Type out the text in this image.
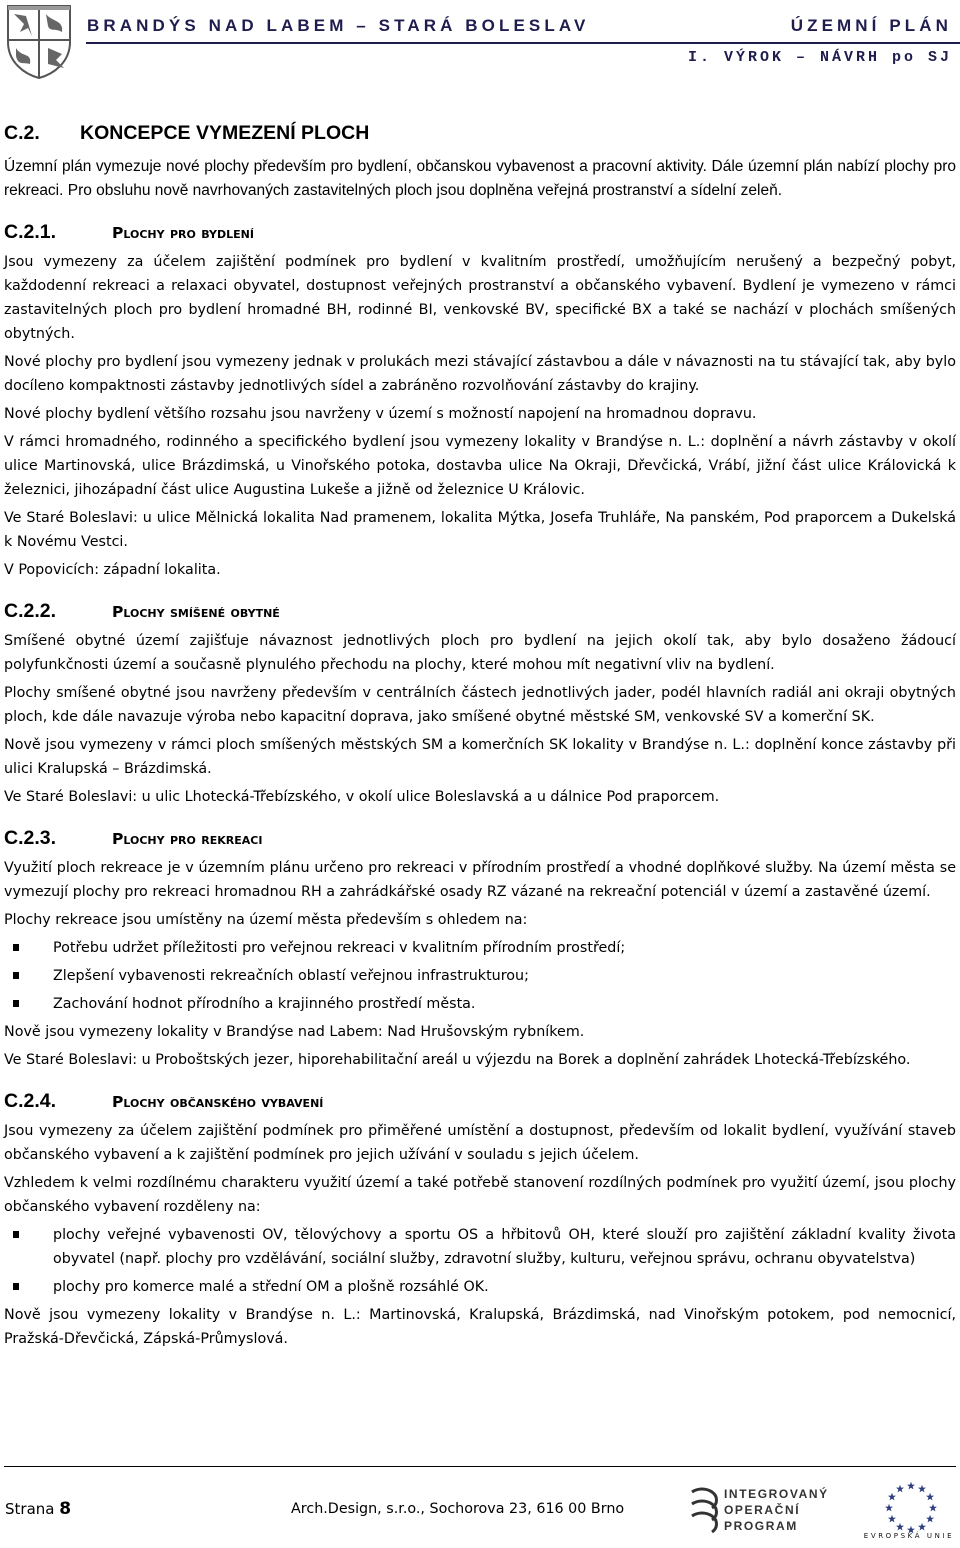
BRANDÝS NAD LABEM – STARÁ BOLESLAV	ÚZEMNÍ PLÁN
I. VÝROK – NÁVRH po SJ
C.2. KONCEPCE VYMEZENÍ PLOCH

Územní plán vymezuje nové plochy především pro bydlení, občanskou vybavenost a pracovní aktivity. Dále územní plán nabízí plochy pro rekreaci. Pro obsluhu nově navrhovaných zastavitelných ploch jsou doplněna veřejná prostranství a sídelní zeleň.

C.2.1.	Plochy pro bydlení

Jsou vymezeny za účelem zajištění podmínek pro bydlení v kvalitním prostředí, umožňujícím nerušený a bezpečný pobyt, každodenní rekreaci a relaxaci obyvatel, dostupnost veřejných prostranství a občanského vybavení. Bydlení je vymezeno v rámci zastavitelných ploch pro bydlení hromadné BH, rodinné BI, venkovské BV, specifické BX a také se nachází v plochách smíšených obytných.

Nové plochy pro bydlení jsou vymezeny jednak v prolukách mezi stávající zástavbou a dále v návaznosti na tu stávající tak, aby bylo docíleno kompaktnosti zástavby jednotlivých sídel a zabráněno rozvolňování zástavby do krajiny.

Nové plochy bydlení většího rozsahu jsou navrženy v území s možností napojení na hromadnou dopravu.

V rámci hromadného, rodinného a specifického bydlení jsou vymezeny lokality v Brandýse n. L.: doplnění a návrh zástavby v okolí ulice Martinovská, ulice Brázdimská, u Vinořského potoka, dostavba ulice Na Okraji, Dřevčická, Vrábí, jižní část ulice Královická k železnici, jihozápadní část ulice Augustina Lukeše a jižně od železnice U Královic.

Ve Staré Boleslavi: u ulice Mělnická lokalita Nad pramenem, lokalita Mýtka, Josefa Truhláře, Na panském, Pod praporcem a Dukelská k Novému Vestci.

V Popovicích: západní lokalita.

C.2.2.	Plochy smíšené obytné

Smíšené obytné území zajišťuje návaznost jednotlivých ploch pro bydlení na jejich okolí tak, aby bylo dosaženo žádoucí polyfunkčnosti území a současně plynulého přechodu na plochy, které mohou mít negativní vliv na bydlení.

Plochy smíšené obytné jsou navrženy především v centrálních částech jednotlivých jader, podél hlavních radiál ani okraji obytných ploch, kde dále navazuje výroba nebo kapacitní doprava, jako smíšené obytné městské SM, venkovské SV a komerční SK.

Nově jsou vymezeny v rámci ploch smíšených městských SM a komerčních SK lokality v Brandýse n. L.: doplnění konce zástavby při ulici Kralupská – Brázdimská.

Ve Staré Boleslavi: u ulic Lhotecká-Třebízského, v okolí ulice Boleslavská a u dálnice Pod praporcem.

C.2.3.	Plochy pro rekreaci

Využití ploch rekreace je v územním plánu určeno pro rekreaci v přírodním prostředí a vhodné doplňkové služby. Na území města se vymezují plochy pro rekreaci hromadnou RH a zahrádkářské osady RZ vázané na rekreační potenciál v území a zastavěné území.

Plochy rekreace jsou umístěny na území města především s ohledem na:

Potřebu udržet příležitosti pro veřejnou rekreaci v kvalitním přírodním prostředí;
Zlepšení vybavenosti rekreačních oblastí veřejnou infrastrukturou;
Zachování hodnot přírodního a krajinného prostředí města.

Nově jsou vymezeny lokality v Brandýse nad Labem: Nad Hrušovským rybníkem.

Ve Staré Boleslavi: u Proboštských jezer, hiporehabilitační areál u výjezdu na Borek a doplnění zahrádek Lhotecká-Třebízského.

C.2.4.	Plochy občanského vybavení

Jsou vymezeny za účelem zajištění podmínek pro přiměřené umístění a dostupnost, především od lokalit bydlení, využívání staveb občanského vybavení a k zajištění podmínek pro jejich užívání v souladu s jejich účelem.

Vzhledem k velmi rozdílnému charakteru využití území a také potřebě stanovení rozdílných podmínek pro využití území, jsou plochy občanského vybavení rozděleny na:

plochy veřejné vybavenosti OV, tělovýchovy a sportu OS a hřbitovů OH, které slouží pro zajištění základní kvality života obyvatel (např. plochy pro vzdělávání, sociální služby, zdravotní služby, kulturu, veřejnou správu, ochranu obyvatelstva)
plochy pro komerce malé a střední OM a plošně rozsáhlé OK.

Nově jsou vymezeny lokality v Brandýse n. L.: Martinovská, Kralupská, Brázdimská, nad Vinořským potokem, pod nemocnicí, Pražská-Dřevčická, Zápská-Průmyslová.

Strana 8	Arch.Design, s.r.o., Sochorova 23, 616 00 Brno
INTEGROVANÝ
OPERAČNÍ
PROGRAM
EVROPSKÁ UNIE
